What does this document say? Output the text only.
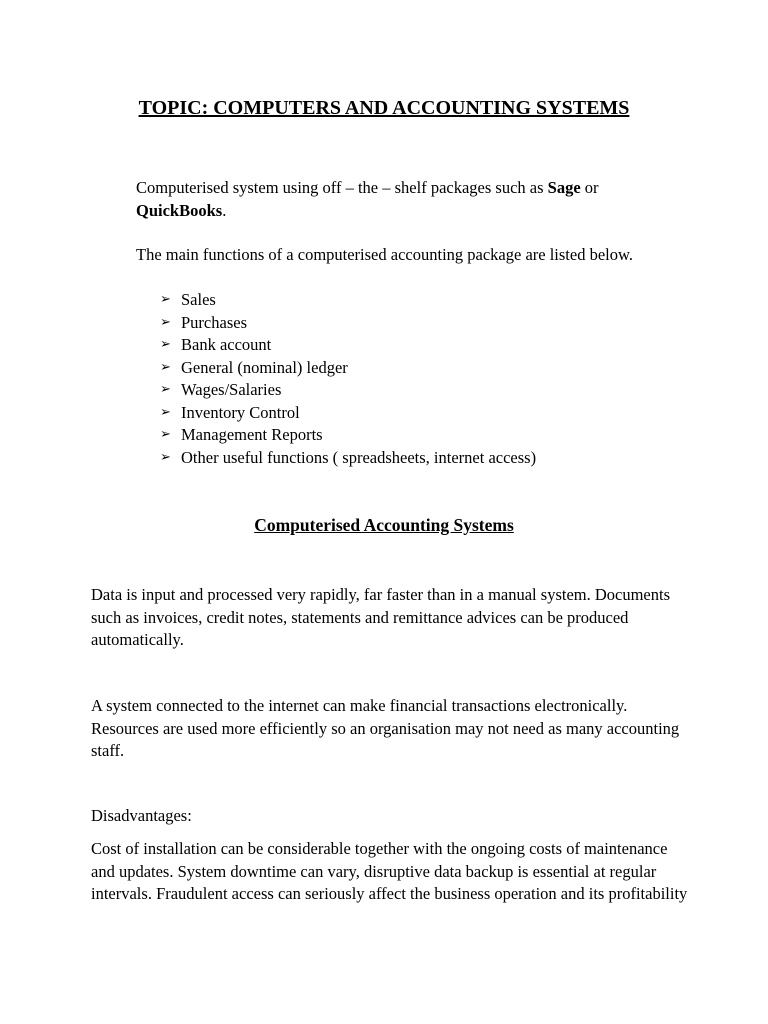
TOPIC: COMPUTERS AND ACCOUNTING SYSTEMS
Computerised system using off – the – shelf packages such as Sage or
QuickBooks.
The main functions of a computerised accounting package are listed below.
➢ Sales
➢ Purchases
➢ Bank account
➢ General (nominal) ledger
➢ Wages/Salaries
➢ Inventory Control
➢ Management Reports
➢ Other useful functions ( spreadsheets, internet access)
Computerised Accounting Systems
Data is input and processed very rapidly, far faster than in a manual system. Documents such as invoices, credit notes, statements and remittance advices can be produced automatically.
A system connected to the internet can make financial transactions electronically. Resources are used more efficiently so an organisation may not need as many accounting staff.
Disadvantages:
Cost of installation can be considerable together with the ongoing costs of maintenance and updates. System downtime can vary, disruptive data backup is essential at regular intervals. Fraudulent access can seriously affect the business operation and its profitability
